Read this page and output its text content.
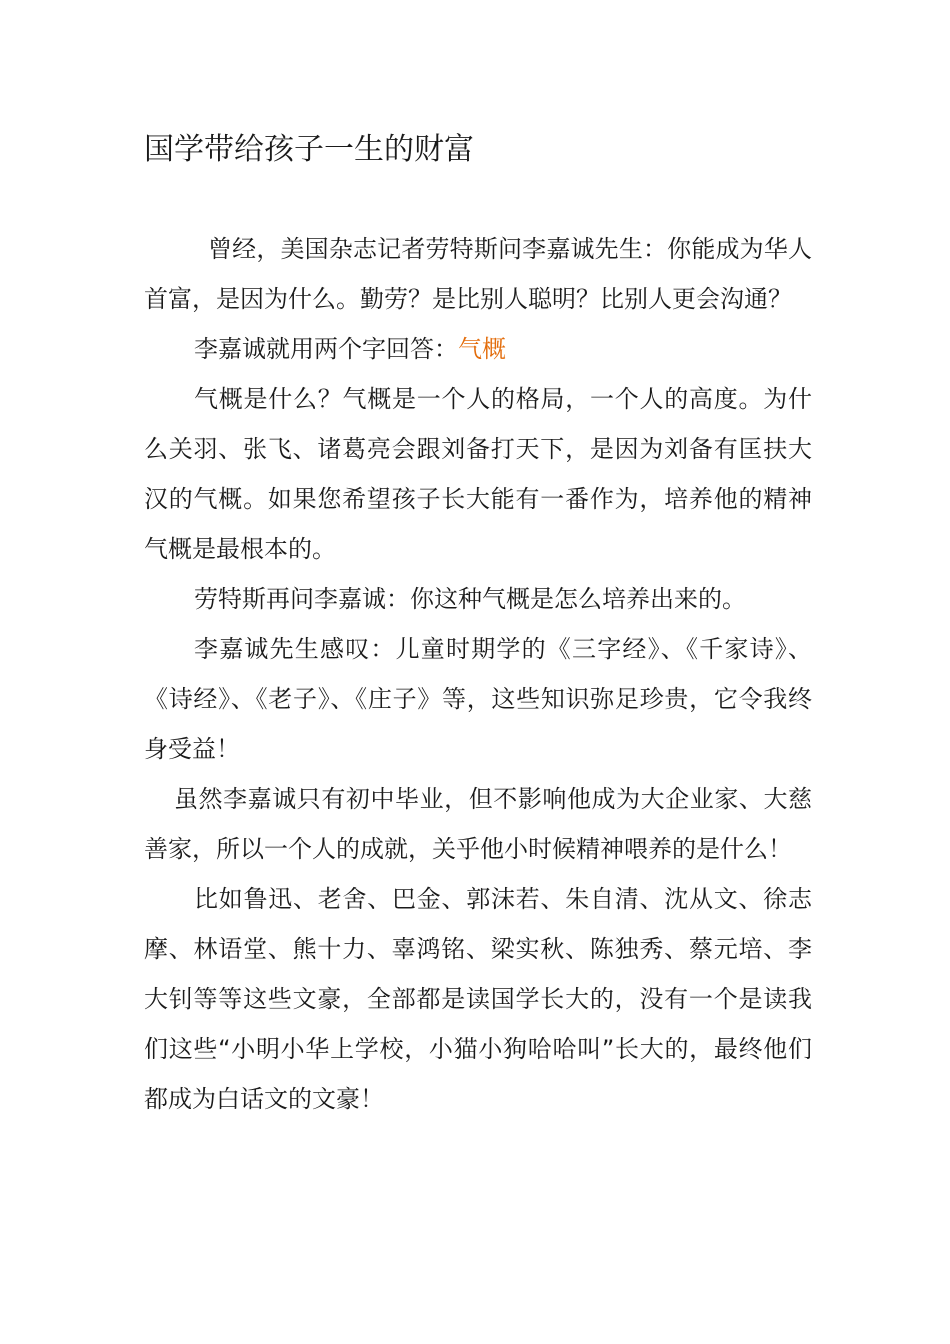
国学带给孩子一生的财富

曾经，美国杂志记者劳特斯问李嘉诚先生：你能成为华人首富，是因为什么。勤劳？是比别人聪明？比别人更会沟通？

李嘉诚就用两个字回答：气概

气概是什么？气概是一个人的格局，一个人的高度。为什么关羽、张飞、诸葛亮会跟刘备打天下，是因为刘备有匡扶大汉的气概。如果您希望孩子长大能有一番作为，培养他的精神气概是最根本的。

劳特斯再问李嘉诚：你这种气概是怎么培养出来的。

李嘉诚先生感叹：儿童时期学的《三字经》、《千家诗》、《诗经》、《老子》、《庄子》等，这些知识弥足珍贵，它令我终身受益！

虽然李嘉诚只有初中毕业，但不影响他成为大企业家、大慈善家，所以一个人的成就，关乎他小时候精神喂养的是什么！

比如鲁迅、老舍、巴金、郭沫若、朱自清、沈从文、徐志摩、林语堂、熊十力、辜鸿铭、梁实秋、陈独秀、蔡元培、李大钊等等这些文豪，全部都是读国学长大的，没有一个是读我们这些“小明小华上学校，小猫小狗哈哈叫”长大的，最终他们都成为白话文的文豪！
